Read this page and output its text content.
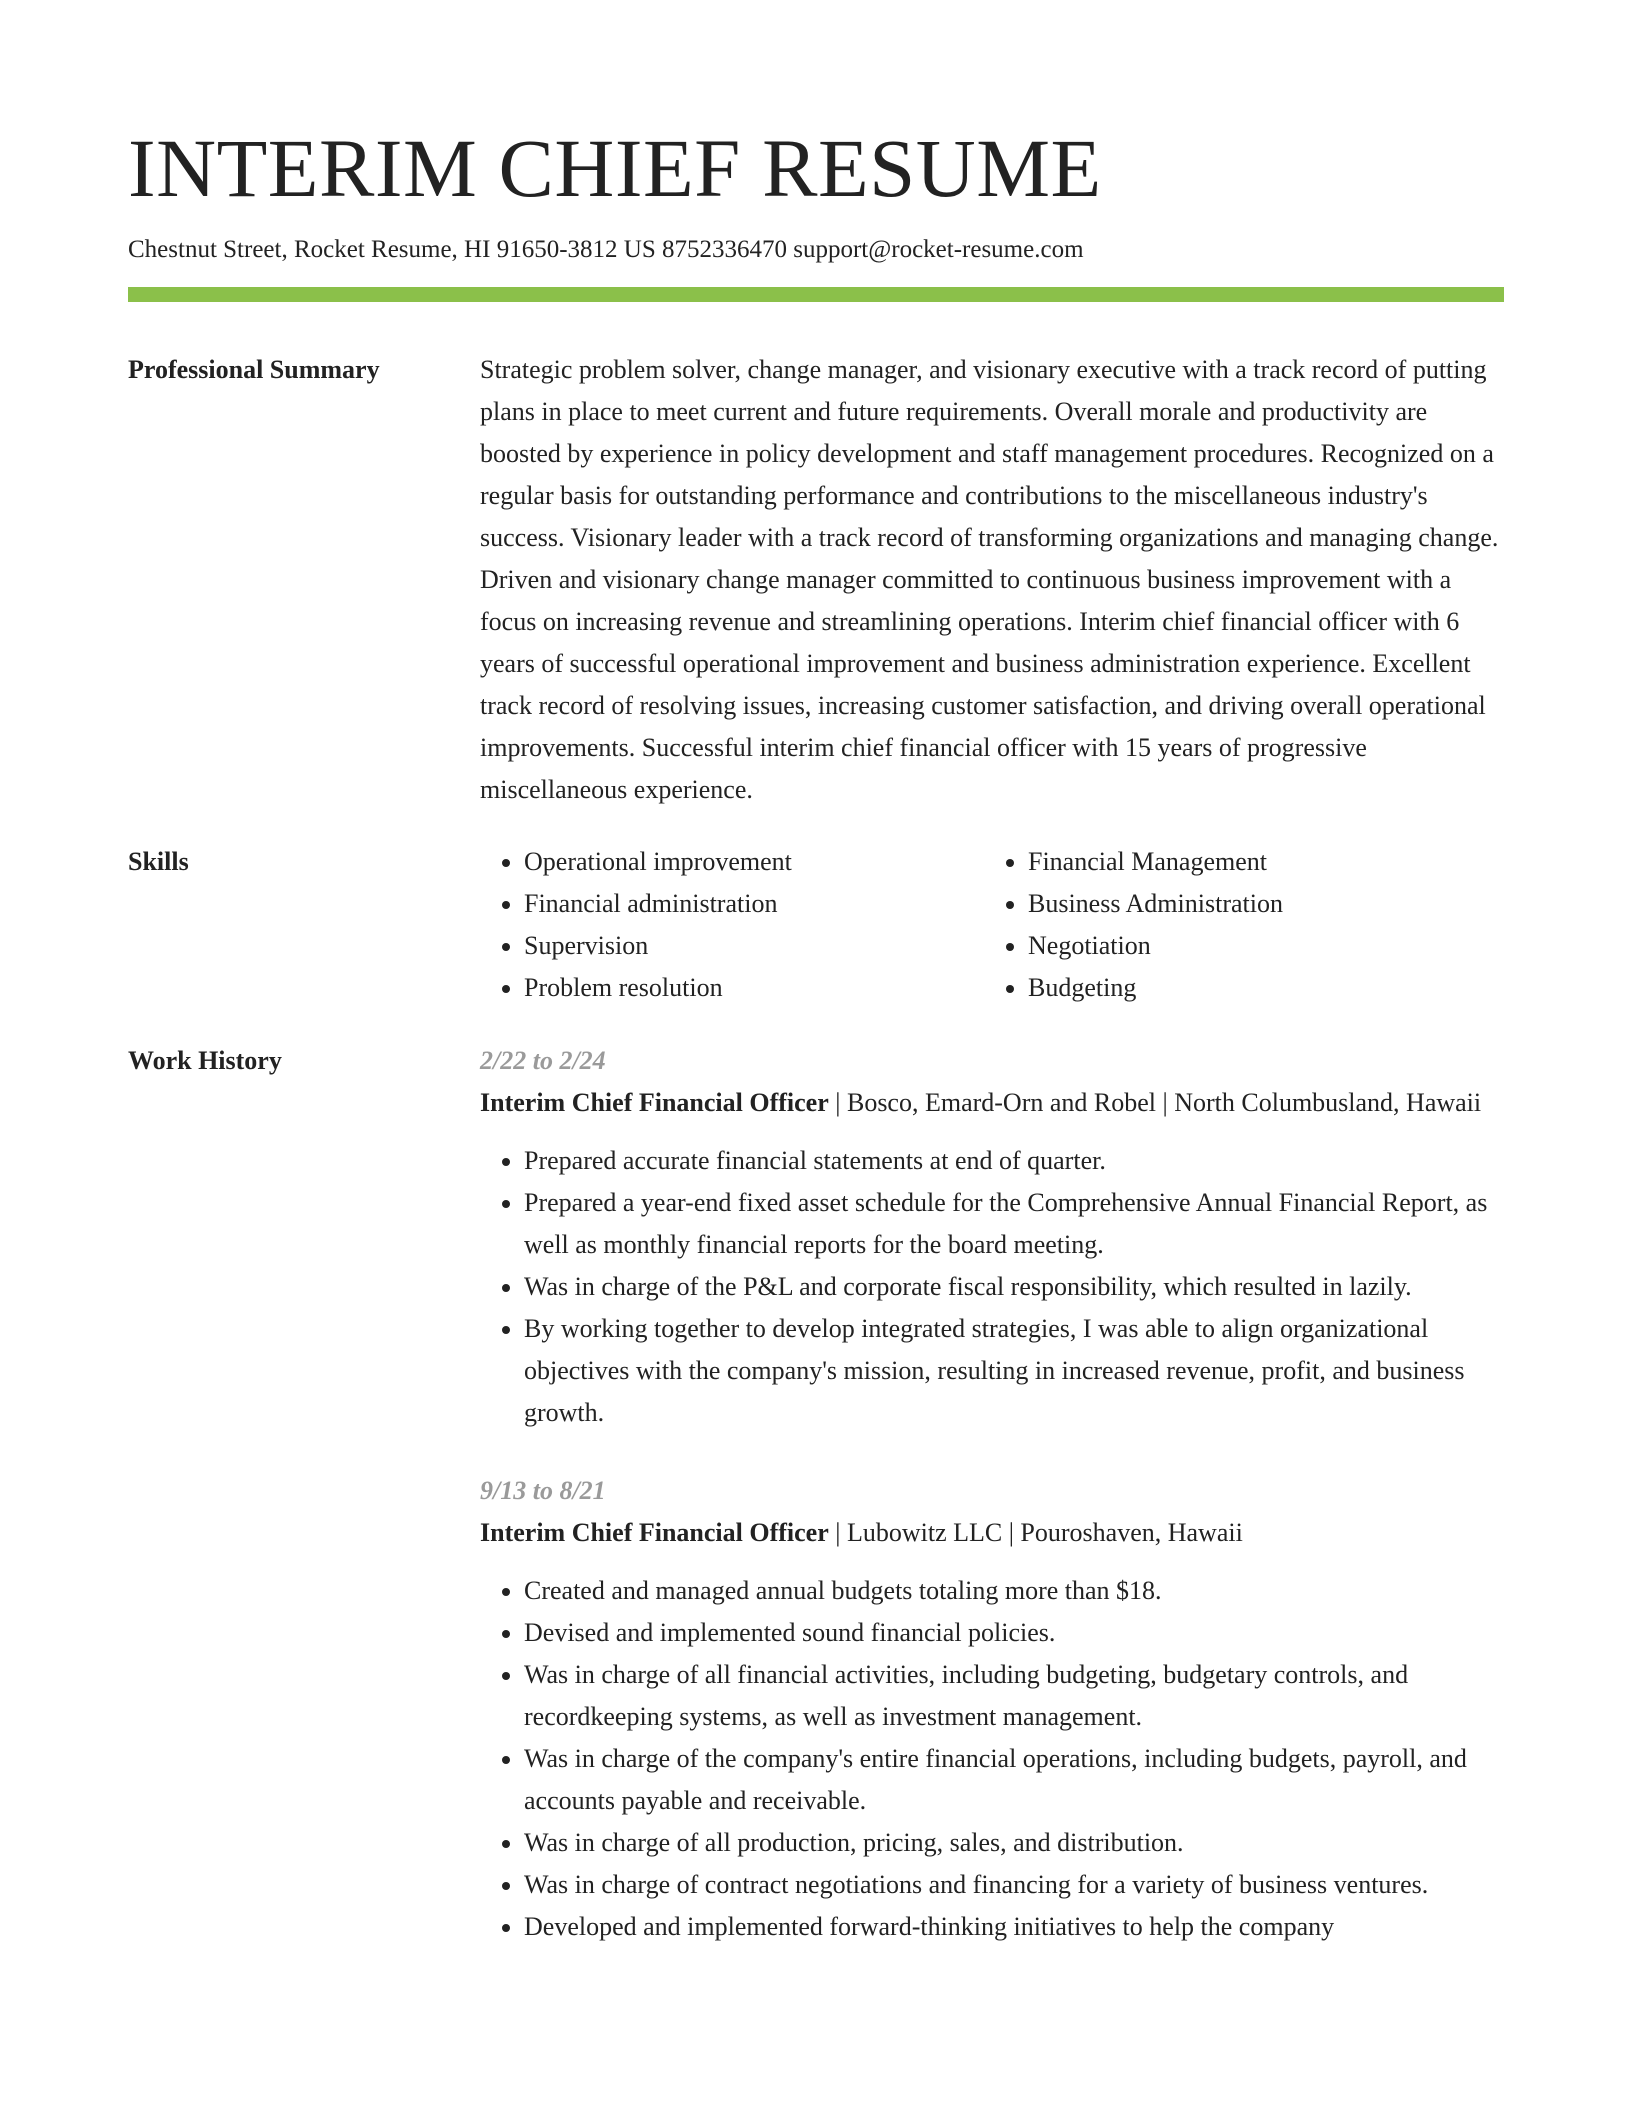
INTERIM CHIEF RESUME
Chestnut Street, Rocket Resume, HI 91650-3812 US 8752336470 support@rocket-resume.com
Professional Summary	Strategic problem solver, change manager, and visionary executive with a track record of putting plans in place to meet current and future requirements. Overall morale and productivity are boosted by experience in policy development and staff management procedures. Recognized on a regular basis for outstanding performance and contributions to the miscellaneous industry's success. Visionary leader with a track record of transforming organizations and managing change. Driven and visionary change manager committed to continuous business improvement with a focus on increasing revenue and streamlining operations. Interim chief financial officer with 6 years of successful operational improvement and business administration experience. Excellent track record of resolving issues, increasing customer satisfaction, and driving overall operational improvements. Successful interim chief financial officer with 15 years of progressive miscellaneous experience.

Skills
•	Operational improvement
• Financial administration
• Supervision
• Problem resolution
• Financial Management
• Business Administration
• Negotiation
• Budgeting
Work History	2/22 to 2/24
Interim Chief Financial Officer | Bosco, Emard-Orn and Robel | North Columbusland, Hawaii
• Prepared accurate financial statements at end of quarter.
• Prepared a year-end fixed asset schedule for the Comprehensive Annual Financial Report, as well as monthly financial reports for the board meeting.
• Was in charge of the P&L and corporate fiscal responsibility, which resulted in lazily.
• By working together to develop integrated strategies, I was able to align organizational objectives with the company's mission, resulting in increased revenue, profit, and business growth.
9/13 to 8/21
Interim Chief Financial Officer | Lubowitz LLC | Pouroshaven, Hawaii
• Created and managed annual budgets totaling more than $18.
• Devised and implemented sound financial policies.
• Was in charge of all financial activities, including budgeting, budgetary controls, and recordkeeping systems, as well as investment management.
• Was in charge of the company's entire financial operations, including budgets, payroll, and accounts payable and receivable.
• Was in charge of all production, pricing, sales, and distribution.
• Was in charge of contract negotiations and financing for a variety of business ventures.
• Developed and implemented forward-thinking initiatives to help the company
